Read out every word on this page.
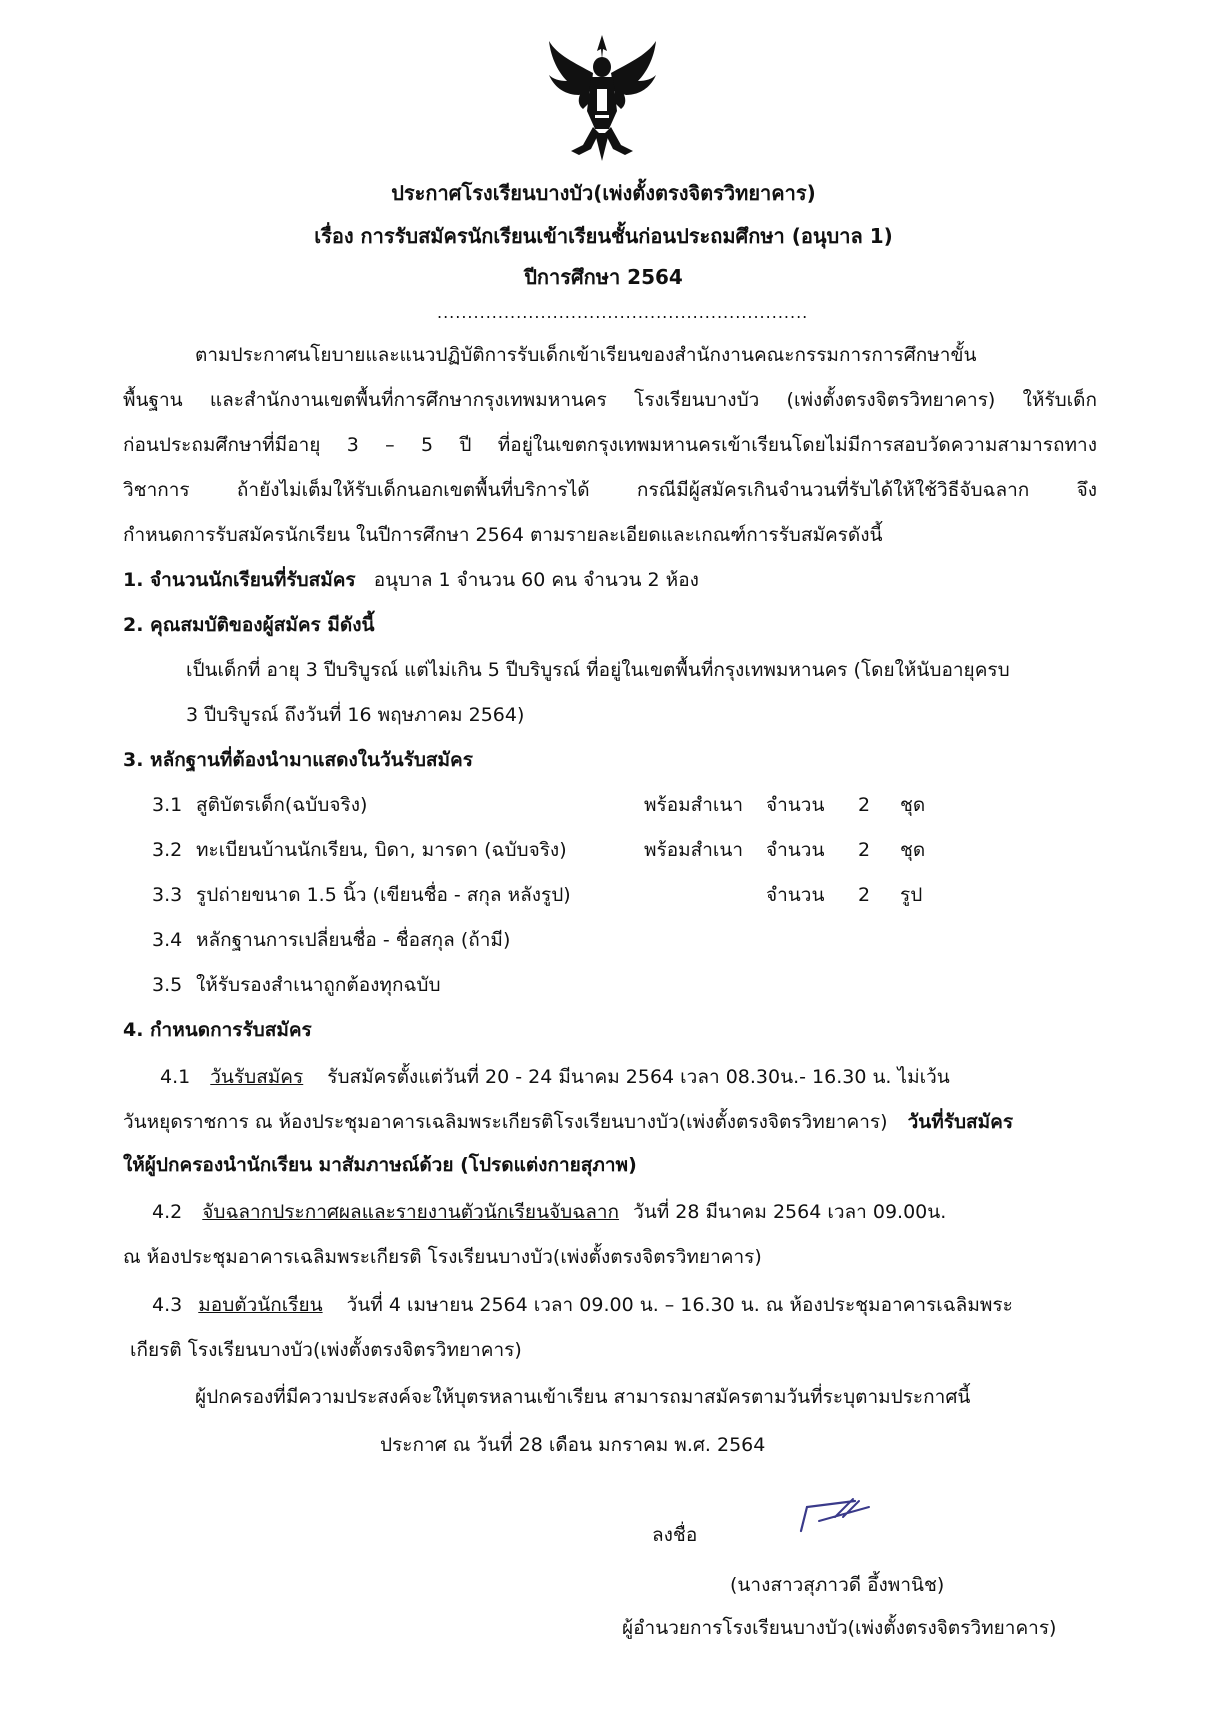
ประกาศโรงเรียนบางบัว(เพ่งตั้งตรงจิตรวิทยาคาร)
เรื่อง การรับสมัครนักเรียนเข้าเรียนชั้นก่อนประถมศึกษา (อนุบาล 1)
ปีการศึกษา 2564
.............................................................
ตามประกาศนโยบายและแนวปฏิบัติการรับเด็กเข้าเรียนของสำนักงานคณะกรรมการการศึกษาขั้น
พื้นฐาน และสำนักงานเขตพื้นที่การศึกษากรุงเทพมหานคร โรงเรียนบางบัว (เพ่งตั้งตรงจิตรวิทยาคาร) ให้รับเด็ก
ก่อนประถมศึกษาที่มีอายุ 3 – 5 ปี ที่อยู่ในเขตกรุงเทพมหานครเข้าเรียนโดยไม่มีการสอบวัดความสามารถทาง
วิชาการ ถ้ายังไม่เต็มให้รับเด็กนอกเขตพื้นที่บริการได้ กรณีมีผู้สมัครเกินจำนวนที่รับได้ให้ใช้วิธีจับฉลาก จึง
กำหนดการรับสมัครนักเรียน ในปีการศึกษา 2564 ตามรายละเอียดและเกณฑ์การรับสมัครดังนี้
1. จำนวนนักเรียนที่รับสมัคร อนุบาล 1 จำนวน 60 คน จำนวน 2 ห้อง
2. คุณสมบัติของผู้สมัคร มีดังนี้
เป็นเด็กที่ อายุ 3 ปีบริบูรณ์ แต่ไม่เกิน 5 ปีบริบูรณ์ ที่อยู่ในเขตพื้นที่กรุงเทพมหานคร (โดยให้นับอายุครบ
3 ปีบริบูรณ์ ถึงวันที่ 16 พฤษภาคม 2564)
3. หลักฐานที่ต้องนำมาแสดงในวันรับสมัคร
3.1 สูติบัตรเด็ก(ฉบับจริง)	พร้อมสำเนา จำนวน 2 ชุด
3.2 ทะเบียนบ้านนักเรียน, บิดา, มารดา (ฉบับจริง)	พร้อมสำเนา จำนวน 2 ชุด
3.3 รูปถ่ายขนาด 1.5 นิ้ว (เขียนชื่อ - สกุล หลังรูป)	จำนวน 2 รูป
3.4 หลักฐานการเปลี่ยนชื่อ - ชื่อสกุล (ถ้ามี)
3.5 ให้รับรองสำเนาถูกต้องทุกฉบับ
4. กำหนดการรับสมัคร
4.1 วันรับสมัคร รับสมัครตั้งแต่วันที่ 20 - 24 มีนาคม 2564 เวลา 08.30น.- 16.30 น. ไม่เว้น
วันหยุดราชการ ณ ห้องประชุมอาคารเฉลิมพระเกียรติโรงเรียนบางบัว(เพ่งตั้งตรงจิตรวิทยาคาร) วันที่รับสมัคร
ให้ผู้ปกครองนำนักเรียน มาสัมภาษณ์ด้วย (โปรดแต่งกายสุภาพ)
4.2 จับฉลากประกาศผลและรายงานตัวนักเรียนจับฉลาก วันที่ 28 มีนาคม 2564 เวลา 09.00น.
ณ ห้องประชุมอาคารเฉลิมพระเกียรติ โรงเรียนบางบัว(เพ่งตั้งตรงจิตรวิทยาคาร)
4.3 มอบตัวนักเรียน วันที่ 4 เมษายน 2564 เวลา 09.00 น. – 16.30 น. ณ ห้องประชุมอาคารเฉลิมพระ
เกียรติ โรงเรียนบางบัว(เพ่งตั้งตรงจิตรวิทยาคาร)
ผู้ปกครองที่มีความประสงค์จะให้บุตรหลานเข้าเรียน สามารถมาสมัครตามวันที่ระบุตามประกาศนี้
ประกาศ ณ วันที่ 28 เดือน มกราคม พ.ศ. 2564
ลงชื่อ
(นางสาวสุภาวดี อึ้งพานิช)
ผู้อำนวยการโรงเรียนบางบัว(เพ่งตั้งตรงจิตรวิทยาคาร)
